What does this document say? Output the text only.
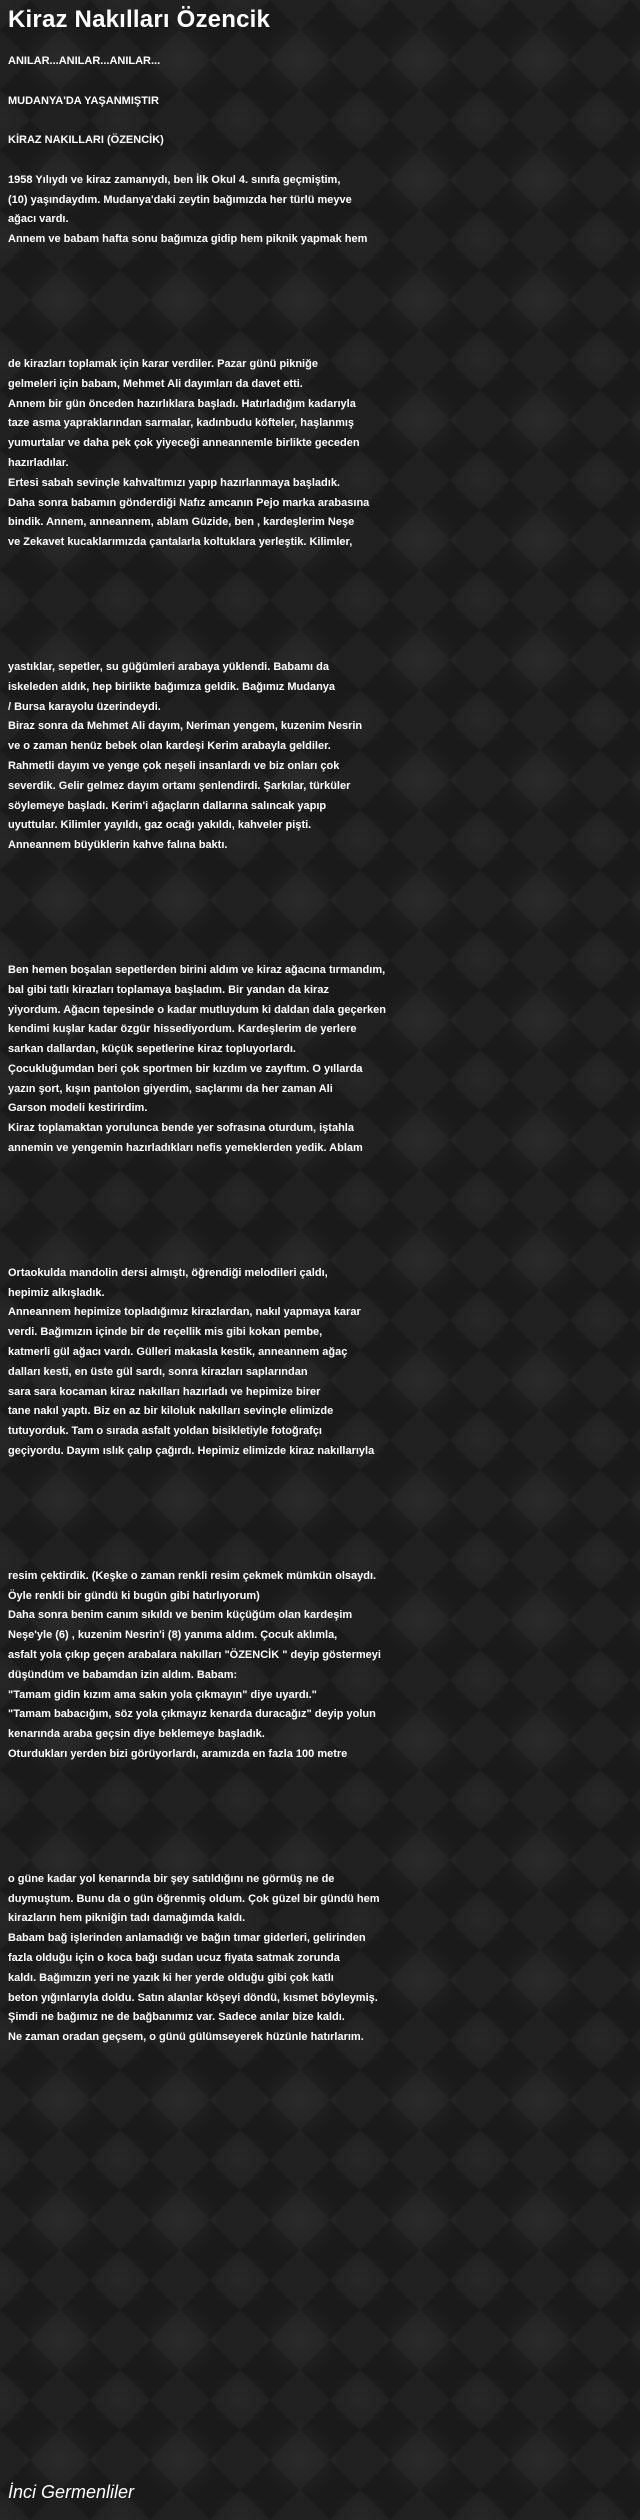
Kiraz Nakılları Özencik
ANILAR...ANILAR...ANILAR...
MUDANYA'DA YAŞANMIŞTIR
KİRAZ NAKILLARI (ÖZENCİK)
1958 Yılıydı ve kiraz zamanıydı, ben İlk Okul 4. sınıfa geçmiştim,
(10) yaşındaydım. Mudanya'daki zeytin bağımızda her türlü meyve
ağacı vardı.
Annem ve babam hafta sonu bağımıza gidip hem piknik yapmak hem
de kirazları toplamak için karar verdiler. Pazar günü pikniğe
gelmeleri için babam, Mehmet Ali dayımları da davet etti.
Annem bir gün önceden hazırlıklara başladı. Hatırladığım kadarıyla
taze asma yapraklarından sarmalar, kadınbudu köfteler, haşlanmış
yumurtalar ve daha pek çok yiyeceği anneannemle birlikte geceden
hazırladılar.
Ertesi sabah sevinçle kahvaltımızı yapıp hazırlanmaya başladık.
Daha sonra babamın gönderdiği Nafız amcanın Pejo marka arabasına
bindik. Annem, anneannem, ablam Güzide, ben , kardeşlerim Neşe
ve Zekavet kucaklarımızda çantalarla koltuklara yerleştik. Kilimler,
yastıklar, sepetler, su güğümleri arabaya yüklendi. Babamı da
iskeleden aldık, hep birlikte bağımıza geldik. Bağımız Mudanya
/ Bursa karayolu üzerindeydi.
Biraz sonra da Mehmet Ali dayım, Neriman yengem, kuzenim Nesrin
ve o zaman henüz bebek olan kardeşi Kerim arabayla geldiler.
Rahmetli dayım ve yenge çok neşeli insanlardı ve biz onları çok
severdik. Gelir gelmez dayım ortamı şenlendirdi. Şarkılar, türküler
söylemeye başladı. Kerim'i ağaçların dallarına salıncak yapıp
uyuttular. Kilimler yayıldı, gaz ocağı yakıldı, kahveler pişti.
Anneannem büyüklerin kahve falına baktı.
Ben hemen boşalan sepetlerden birini aldım ve kiraz ağacına tırmandım,
bal gibi tatlı kirazları toplamaya başladım. Bir yandan da kiraz
yiyordum. Ağacın tepesinde o kadar mutluydum ki daldan dala geçerken
kendimi kuşlar kadar özgür hissediyordum. Kardeşlerim de yerlere
sarkan dallardan, küçük sepetlerine kiraz topluyorlardı.
Çocukluğumdan beri çok sportmen bir kızdım ve zayıftım. O yıllarda
yazın şort, kışın pantolon giyerdim, saçlarımı da her zaman Ali
Garson modeli kestirirdim.
Kiraz toplamaktan yorulunca bende yer sofrasına oturdum, iştahla
annemin ve yengemin hazırladıkları nefis yemeklerden yedik. Ablam
Ortaokulda mandolin dersi almıştı, öğrendiği melodileri çaldı,
hepimiz alkışladık.
Anneannem hepimize topladığımız kirazlardan, nakıl yapmaya karar
verdi. Bağımızın içinde bir de reçellik mis gibi kokan pembe,
katmerli gül ağacı vardı. Gülleri makasla kestik, anneannem ağaç
dalları kesti, en üste gül sardı, sonra kirazları saplarından
sara sara kocaman kiraz nakılları hazırladı ve hepimize birer
tane nakıl yaptı. Biz en az bir kiloluk nakılları sevinçle elimizde
tutuyorduk. Tam o sırada asfalt yoldan bisikletiyle fotoğrafçı
geçiyordu. Dayım ıslık çalıp çağırdı. Hepimiz elimizde kiraz nakıllarıyla
resim çektirdik. (Keşke o zaman renkli resim çekmek mümkün olsaydı.
Öyle renkli bir gündü ki bugün gibi hatırlıyorum)
Daha sonra benim canım sıkıldı ve benim küçüğüm olan kardeşim
Neşe'yle (6) , kuzenim Nesrin'i (8) yanıma aldım. Çocuk aklımla,
asfalt yola çıkıp geçen arabalara nakılları "ÖZENCİK " deyip göstermeyi
düşündüm ve babamdan izin aldım. Babam:
"Tamam gidin kızım ama sakın yola çıkmayın" diye uyardı."
"Tamam babacığım, söz yola çıkmayız kenarda duracağız" deyip yolun
kenarında araba geçsin diye beklemeye başladık.
Oturdukları yerden bizi görüyorlardı, aramızda en fazla 100 metre
o güne kadar yol kenarında bir şey satıldığını ne görmüş ne de
duymuştum. Bunu da o gün öğrenmiş oldum. Çok güzel bir gündü hem
kirazların hem pikniğin tadı damağımda kaldı.
Babam bağ işlerinden anlamadığı ve bağın tımar giderleri, gelirinden
fazla olduğu için o koca bağı sudan ucuz fiyata satmak zorunda
kaldı. Bağımızın yeri ne yazık ki her yerde olduğu gibi çok katlı
beton yığınlarıyla doldu. Satın alanlar köşeyi döndü, kısmet böyleymiş.
Şimdi ne bağımız ne de bağbanımız var. Sadece anılar bize kaldı.
Ne zaman oradan geçsem, o günü gülümseyerek hüzünle hatırlarım.
İnci Germenliler
